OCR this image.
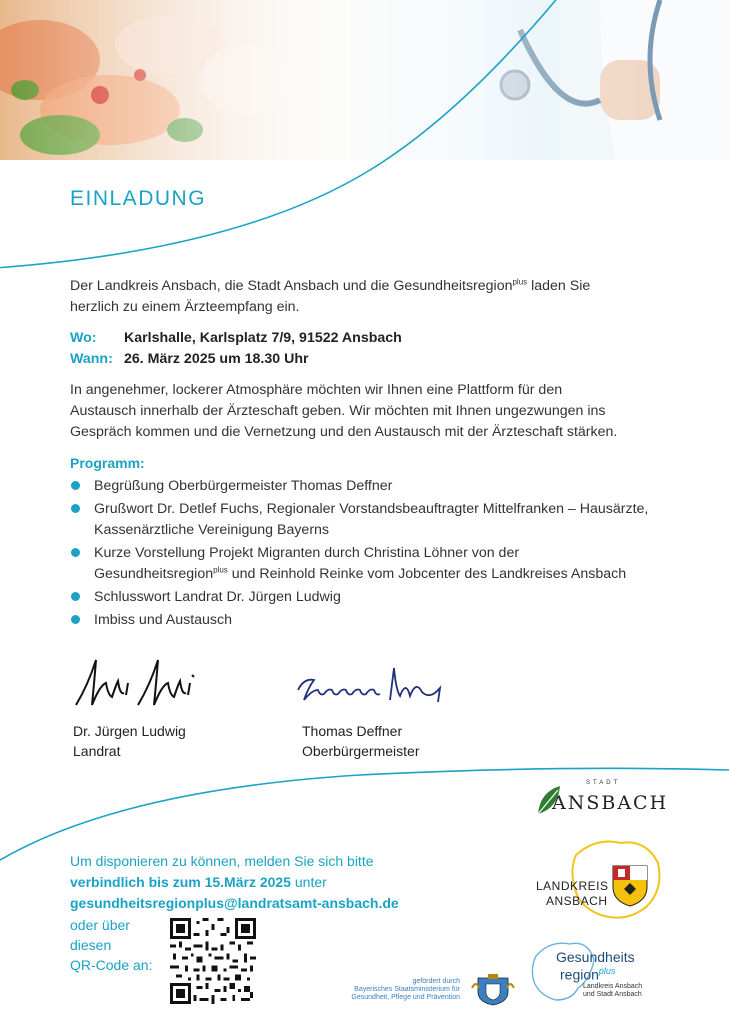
EINLADUNG
Der Landkreis Ansbach, die Stadt Ansbach und die Gesundheitsregion$^{plus}$ laden Sie
herzlich zu einem Ärzteempfang ein.
Wo: Karlshalle, Karlsplatz 7/9, 91522 Ansbach
Wann: 26. März 2025 um 18.30 Uhr
In angenehmer, lockerer Atmosphäre möchten wir Ihnen eine Plattform für den
Austausch innerhalb der Ärzteschaft geben. Wir möchten mit Ihnen ungezwungen ins
Gespräch kommen und die Vernetzung und den Austausch mit der Ärzteschaft stärken.
Programm:
Begrüßung Oberbürgermeister Thomas Deffner
Grußwort Dr. Detlef Fuchs, Regionaler Vorstandsbeauftragter Mittelfranken – Hausärzte,
Kassenärztliche Vereinigung Bayerns
Kurze Vorstellung Projekt Migranten durch Christina Löhner von der
Gesundheitsregion$^{plus}$ und Reinhold Reinke vom Jobcenter des Landkreises Ansbach
Schlusswort Landrat Dr. Jürgen Ludwig
Imbiss und Austausch
Dr. Jürgen Ludwig
Landrat
Thomas Deffner
Oberbürgermeister
Um disponieren zu können, melden Sie sich bitte
verbindlich bis zum 15.März 2025 unter
gesundheitsregionplus@landratsamt-ansbach.de
oder über
diesen
QR-Code an:
STADT
ANSBACH
LANDKREIS
ANSBACH
gefördert durch
Bayerisches Staatsministerium für
Gesundheit, Pflege und Prävention
Gesundheits
region$^{plus}$
Landkreis Ansbach
und Stadt Ansbach
